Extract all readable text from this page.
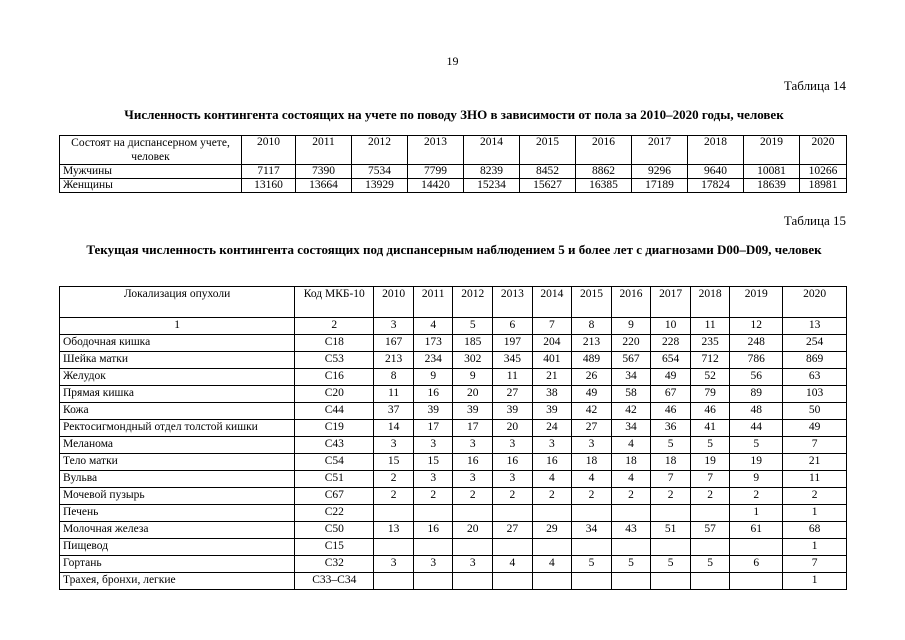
19
Таблица 14
Численность контингента состоящих на учете по поводу ЗНО в зависимости от пола за 2010–2020 годы, человек
Состоят на диспансерном учете, человек	2010	2011	2012	2013	2014	2015	2016	2017	2018	2019	2020
Мужчины	7117	7390	7534	7799	8239	8452	8862	9296	9640	10081	10266
Женщины	13160	13664	13929	14420	15234	15627	16385	17189	17824	18639	18981
Таблица 15
Текущая численность контингента состоящих под диспансерным наблюдением 5 и более лет с диагнозами D00–D09, человек
Локализация опухоли	Код МКБ-10	2010	2011	2012	2013	2014	2015	2016	2017	2018	2019	2020
1	2	3	4	5	6	7	8	9	10	11	12	13
Ободочная кишка	C18	167	173	185	197	204	213	220	228	235	248	254
Шейка матки	C53	213	234	302	345	401	489	567	654	712	786	869
Желудок	C16	8	9	9	11	21	26	34	49	52	56	63
Прямая кишка	C20	11	16	20	27	38	49	58	67	79	89	103
Кожа	C44	37	39	39	39	39	42	42	46	46	48	50
Ректосигмондный отдел толстой кишки	C19	14	17	17	20	24	27	34	36	41	44	49
Меланома	C43	3	3	3	3	3	3	4	5	5	5	7
Тело матки	C54	15	15	16	16	16	18	18	18	19	19	21
Вульва	C51	2	3	3	3	4	4	4	7	7	9	11
Мочевой пузырь	C67	2	2	2	2	2	2	2	2	2	2	2
Печень	C22										1	1
Молочная железа	C50	13	16	20	27	29	34	43	51	57	61	68
Пищевод	C15											1
Гортань	C32	3	3	3	4	4	5	5	5	5	6	7
Трахея, бронхи, легкие	C33–C34											1
